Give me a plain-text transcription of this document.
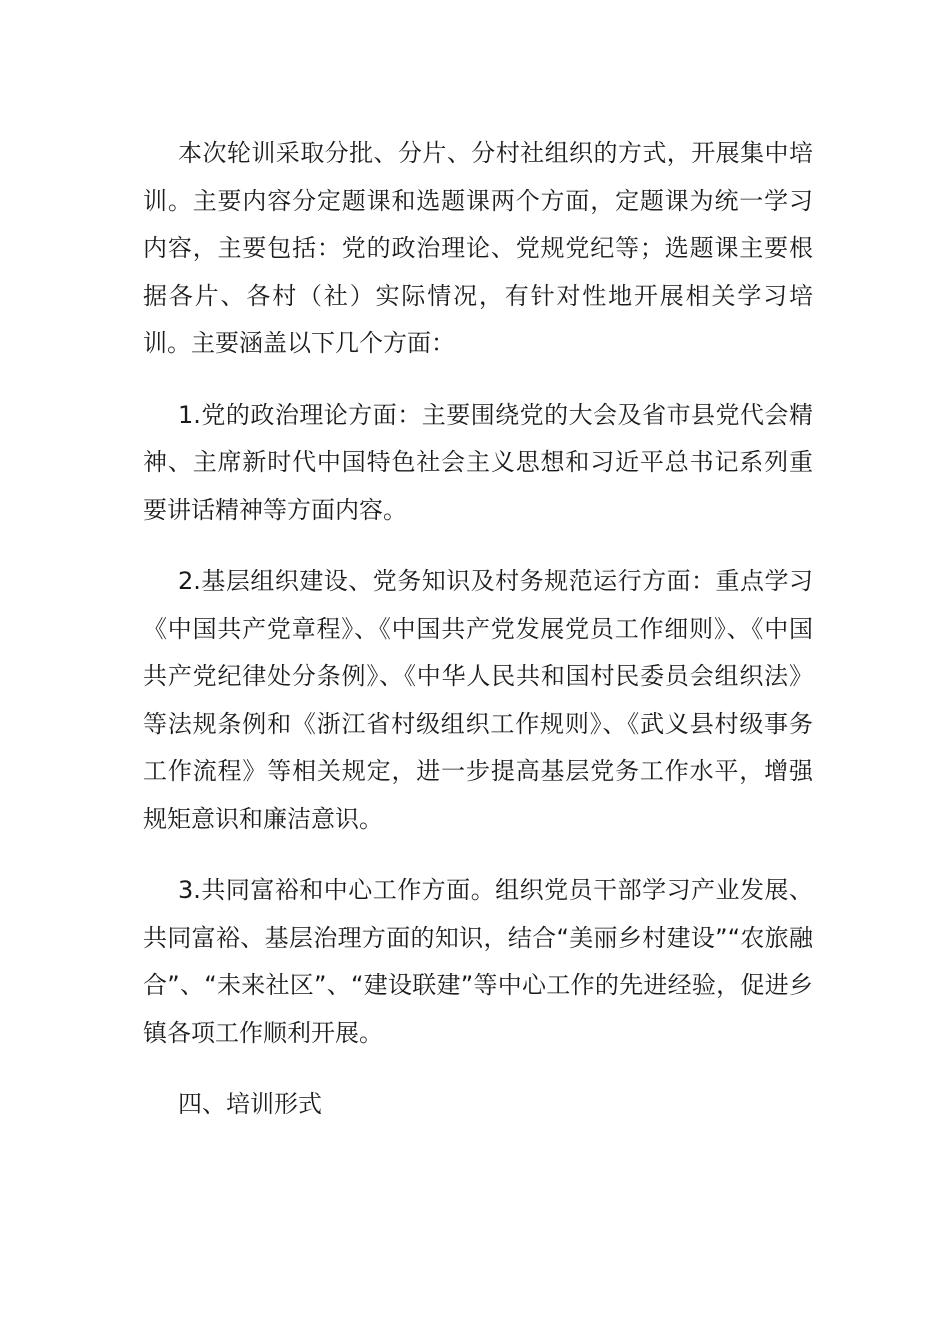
本次轮训采取分批、分片、分村社组织的方式，开展集中培训。主要内容分定题课和选题课两个方面，定题课为统一学习内容，主要包括：党的政治理论、党规党纪等；选题课主要根据各片、各村（社）实际情况，有针对性地开展相关学习培训。主要涵盖以下几个方面：

1.党的政治理论方面：主要围绕党的大会及省市县党代会精神、主席新时代中国特色社会主义思想和习近平总书记系列重要讲话精神等方面内容。

2.基层组织建设、党务知识及村务规范运行方面：重点学习《中国共产党章程》、《中国共产党发展党员工作细则》、《中国共产党纪律处分条例》、《中华人民共和国村民委员会组织法》等法规条例和《浙江省村级组织工作规则》、《武义县村级事务工作流程》等相关规定，进一步提高基层党务工作水平，增强规矩意识和廉洁意识。

3.共同富裕和中心工作方面。组织党员干部学习产业发展、共同富裕、基层治理方面的知识，结合“美丽乡村建设”“农旅融合”、“未来社区”、“建设联建”等中心工作的先进经验，促进乡镇各项工作顺利开展。

四、培训形式
